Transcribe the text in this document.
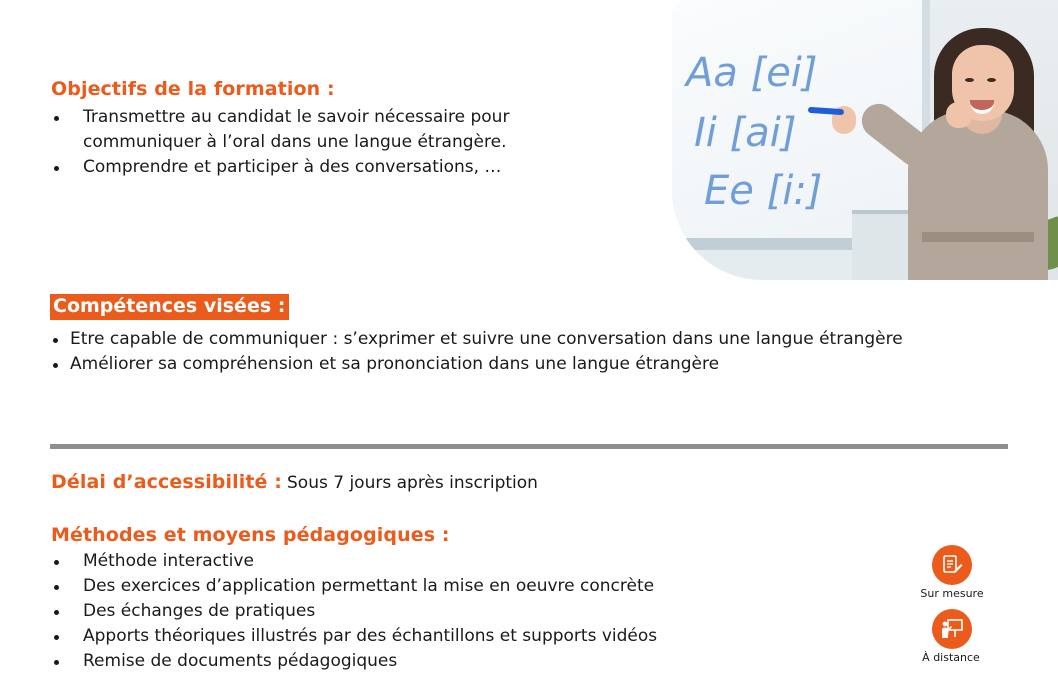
Objectifs de la formation :
Transmettre au candidat le savoir nécessaire pour
communiquer à l’oral dans une langue étrangère.
Comprendre et participer à des conversations, …
Aa [ei]
Ii [ai]
Ee [i:]
Compétences visées :
Etre capable de communiquer : s’exprimer et suivre une conversation dans une langue étrangère
Améliorer sa compréhension et sa prononciation dans une langue étrangère
Délai d’accessibilité : Sous 7 jours après inscription
Méthodes et moyens pédagogiques :
Méthode interactive
Des exercices d’application permettant la mise en oeuvre concrète
Des échanges de pratiques
Apports théoriques illustrés par des échantillons et supports vidéos
Remise de documents pédagogiques
Sur mesure
À distance
